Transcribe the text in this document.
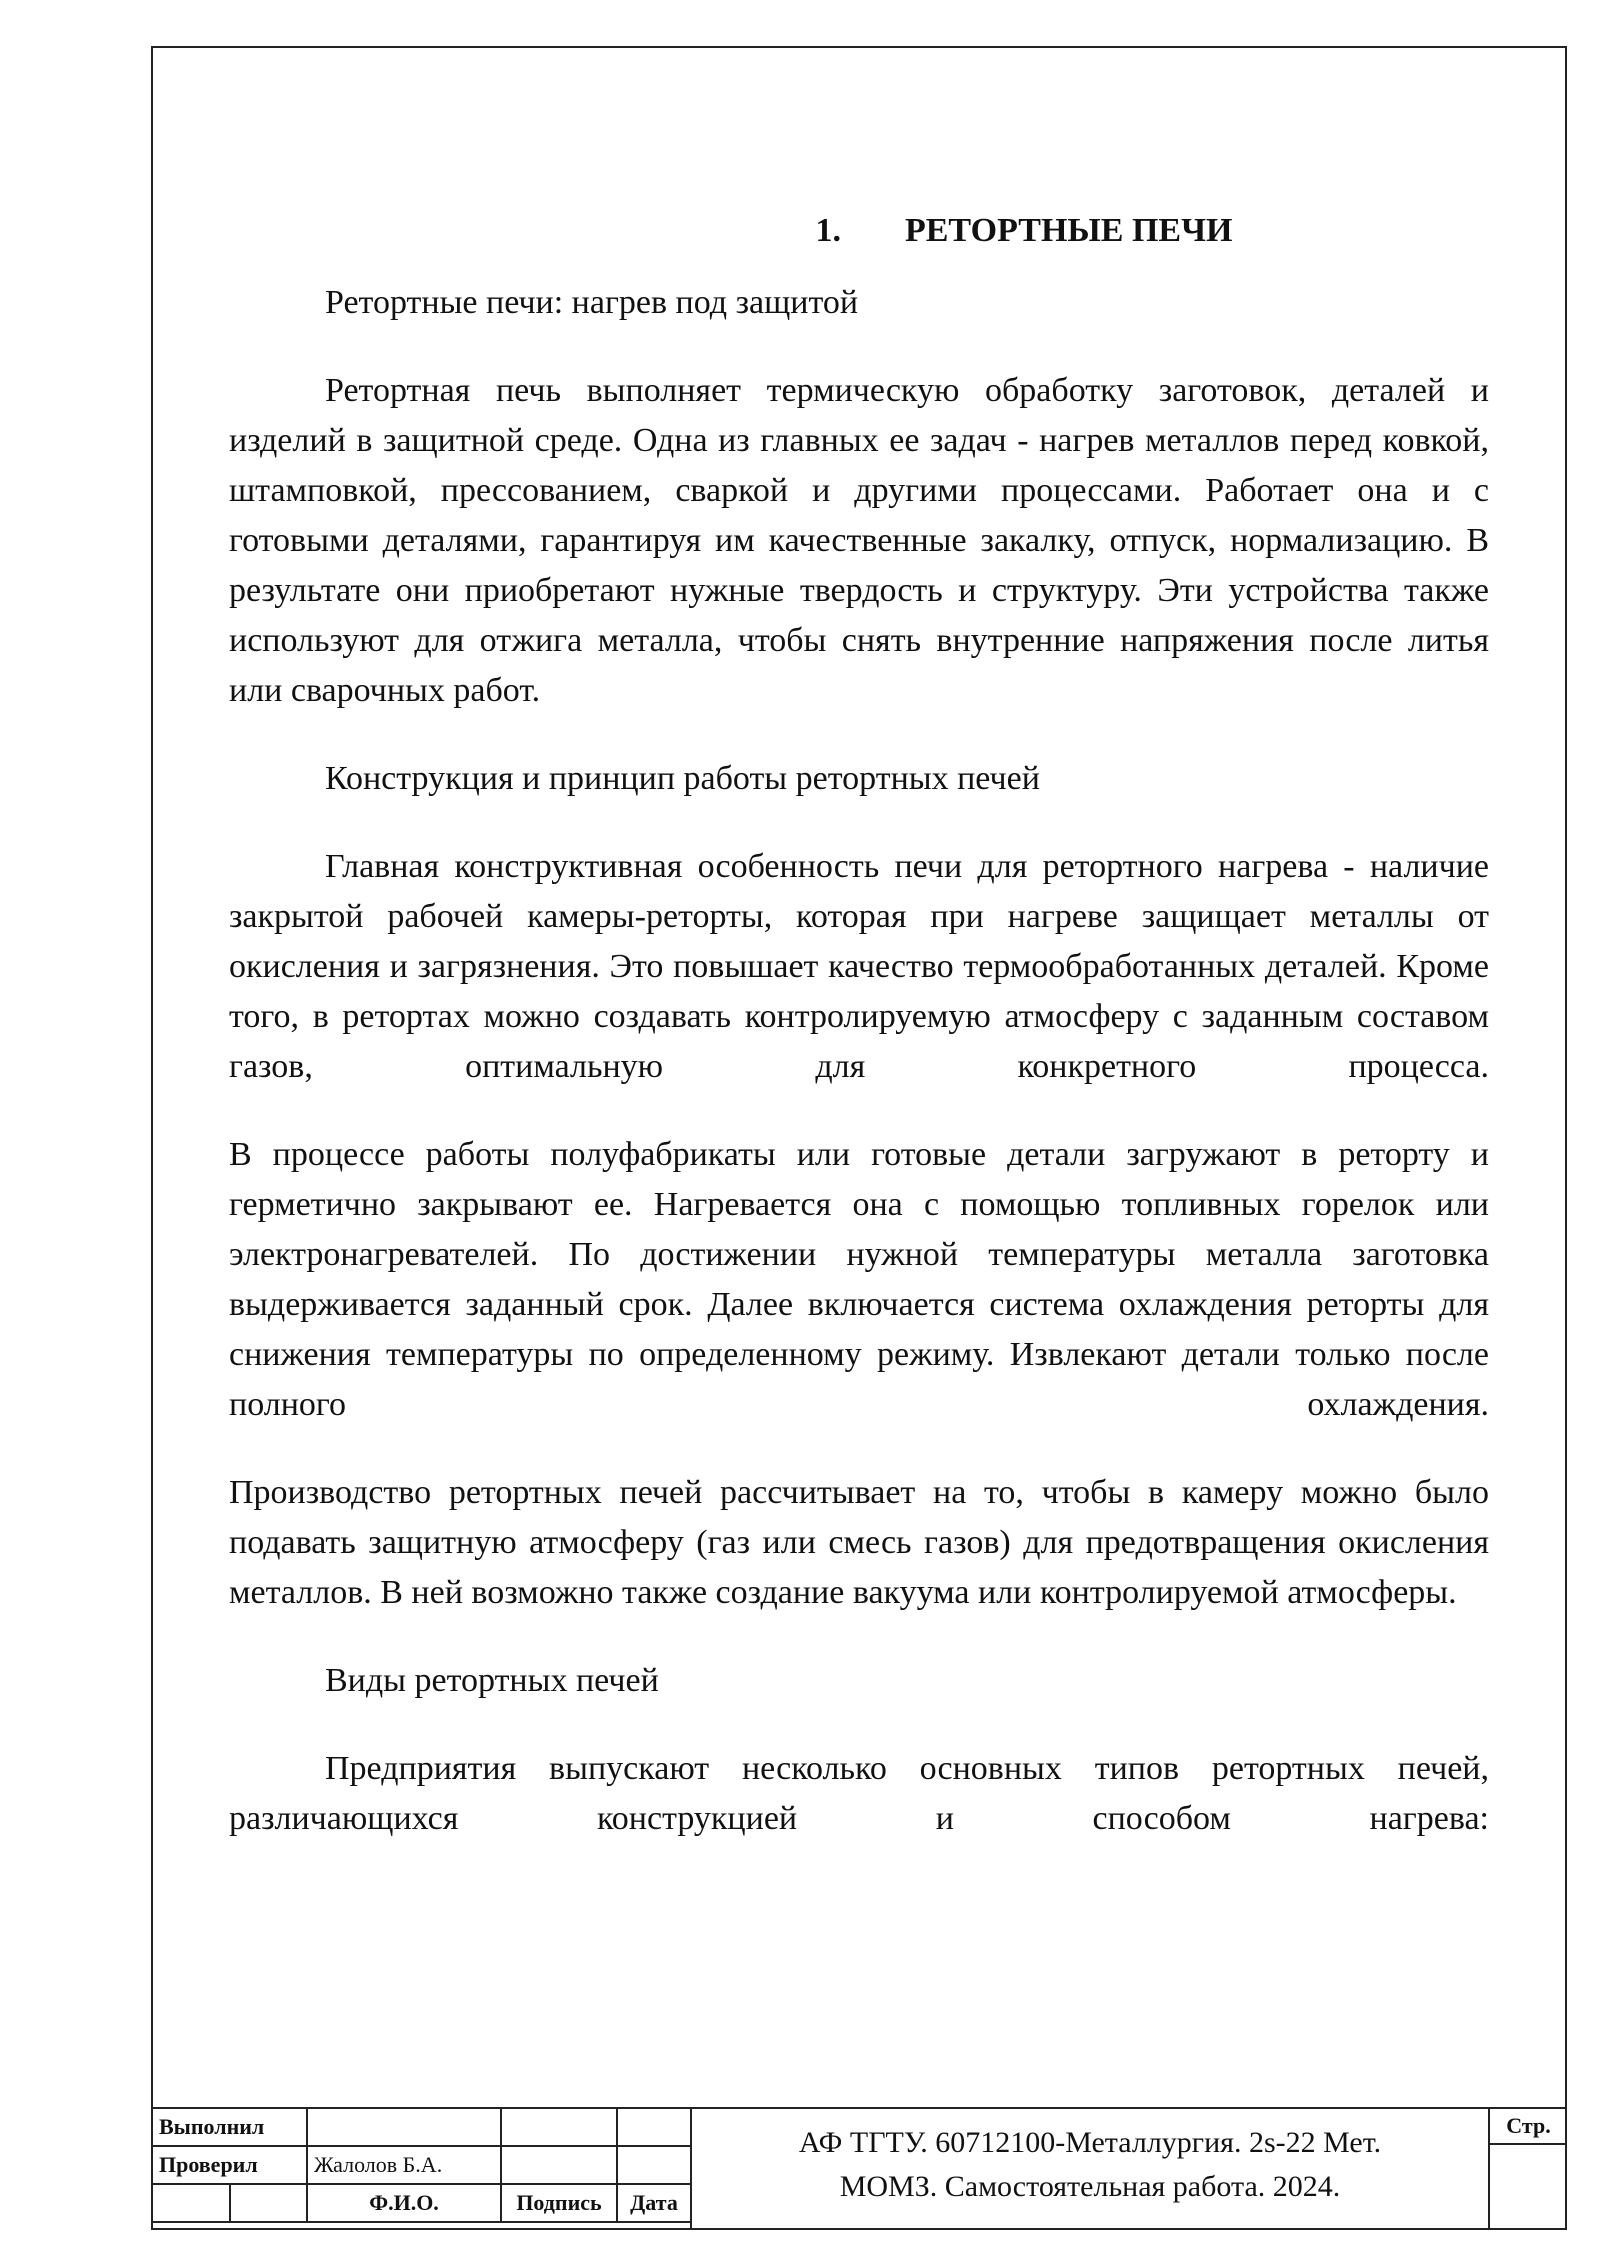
1. РЕТОРТНЫЕ ПЕЧИ

Ретортные печи: нагрев под защитой

Ретортная печь выполняет термическую обработку заготовок, деталей и изделий в защитной среде. Одна из главных ее задач - нагрев металлов перед ковкой, штамповкой, прессованием, сваркой и другими процессами. Работает она и с готовыми деталями, гарантируя им качественные закалку, отпуск, нормализацию. В результате они приобретают нужные твердость и структуру. Эти устройства также используют для отжига металла, чтобы снять внутренние напряжения после литья или сварочных работ.

Конструкция и принцип работы ретортных печей

Главная конструктивная особенность печи для ретортного нагрева - наличие закрытой рабочей камеры-реторты, которая при нагреве защищает металлы от окисления и загрязнения. Это повышает качество термообработанных деталей. Кроме того, в ретортах можно создавать контролируемую атмосферу с заданным составом газов, оптимальную для конкретного процесса.

В процессе работы полуфабрикаты или готовые детали загружают в реторту и герметично закрывают ее. Нагревается она с помощью топливных горелок или электронагревателей. По достижении нужной температуры металла заготовка выдерживается заданный срок. Далее включается система охлаждения реторты для снижения температуры по определенному режиму. Извлекают детали только после полного охлаждения.

Производство ретортных печей рассчитывает на то, чтобы в камеру можно было подавать защитную атмосферу (газ или смесь газов) для предотвращения окисления металлов. В ней возможно также создание вакуума или контролируемой атмосферы.

Виды ретортных печей

Предприятия выпускают несколько основных типов ретортных печей, различающихся конструкцией и способом нагрева:

Выполнил				
Проверил		Жалолов Б.А.		
		Ф.И.О.	Подпись	Дата
АФ ТГТУ. 60712100-Металлургия. 2s-22 Мет.
МОМЗ. Самостоятельная работа. 2024.
Стр.
